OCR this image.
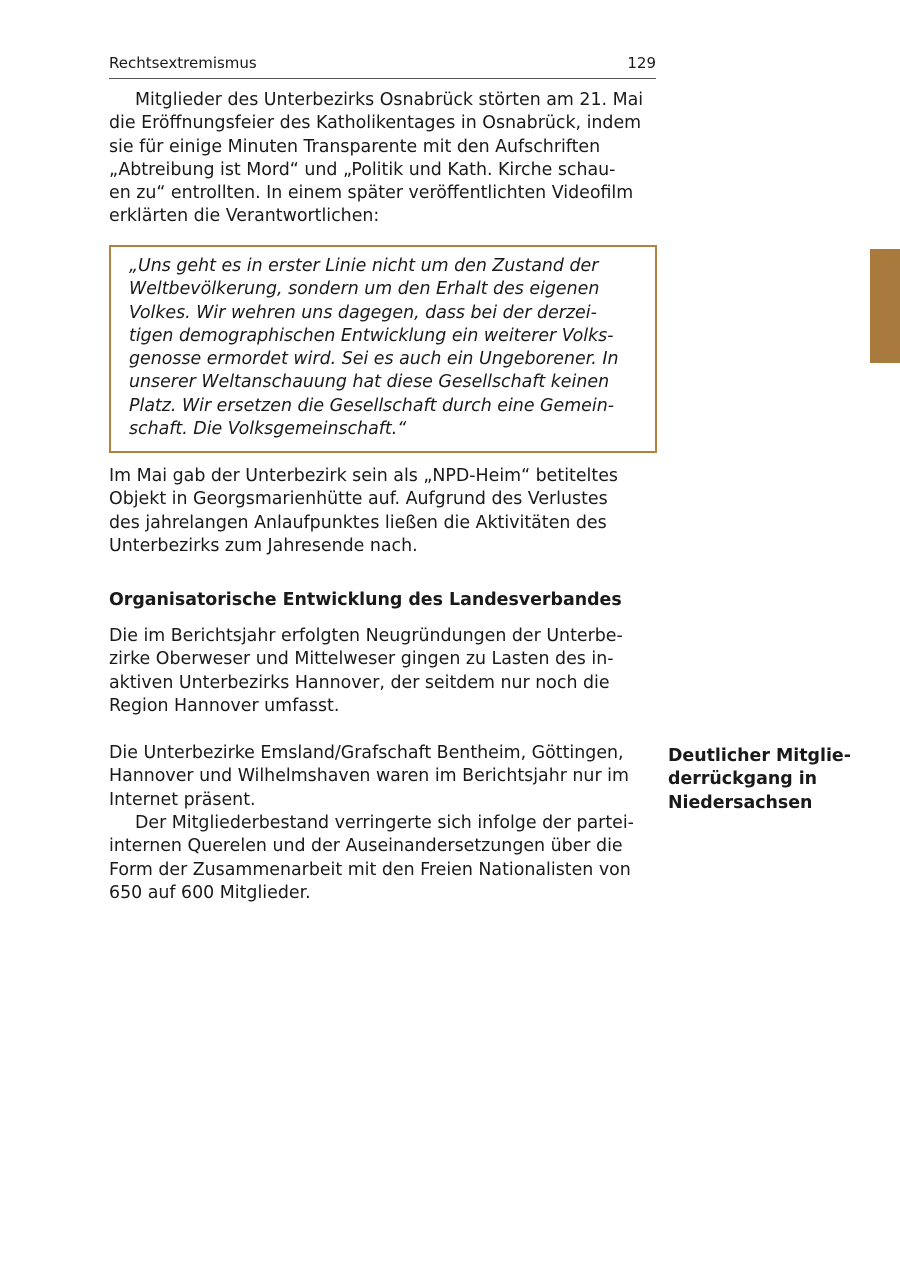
Rechtsextremismus	129

Mitglieder des Unterbezirks Osnabrück störten am 21. Mai
die Eröffnungsfeier des Katholikentages in Osnabrück, indem
sie für einige Minuten Transparente mit den Aufschriften
„Abtreibung ist Mord“ und „Politik und Kath. Kirche schau-
en zu“ entrollten. In einem später veröffentlichten Videofilm
erklärten die Verantwortlichen:

„Uns geht es in erster Linie nicht um den Zustand der
Weltbevölkerung, sondern um den Erhalt des eigenen
Volkes. Wir wehren uns dagegen, dass bei der derzei-
tigen demographischen Entwicklung ein weiterer Volks-
genosse ermordet wird. Sei es auch ein Ungeborener. In
unserer Weltanschauung hat diese Gesellschaft keinen
Platz. Wir ersetzen die Gesellschaft durch eine Gemein-
schaft. Die Volksgemeinschaft.“

Im Mai gab der Unterbezirk sein als „NPD-Heim“ betiteltes
Objekt in Georgsmarienhütte auf. Aufgrund des Verlustes
des jahrelangen Anlaufpunktes ließen die Aktivitäten des
Unterbezirks zum Jahresende nach.

Organisatorische Entwicklung des Landesverbandes

Die im Berichtsjahr erfolgten Neugründungen der Unterbe-
zirke Oberweser und Mittelweser gingen zu Lasten des in-
aktiven Unterbezirks Hannover, der seitdem nur noch die
Region Hannover umfasst.

Die Unterbezirke Emsland/Grafschaft Bentheim, Göttingen,
Hannover und Wilhelmshaven waren im Berichtsjahr nur im
Internet präsent.

Der Mitgliederbestand verringerte sich infolge der partei-
internen Querelen und der Auseinandersetzungen über die
Form der Zusammenarbeit mit den Freien Nationalisten von
650 auf 600 Mitglieder.

Deutlicher Mitglie-
derrückgang in
Niedersachsen
